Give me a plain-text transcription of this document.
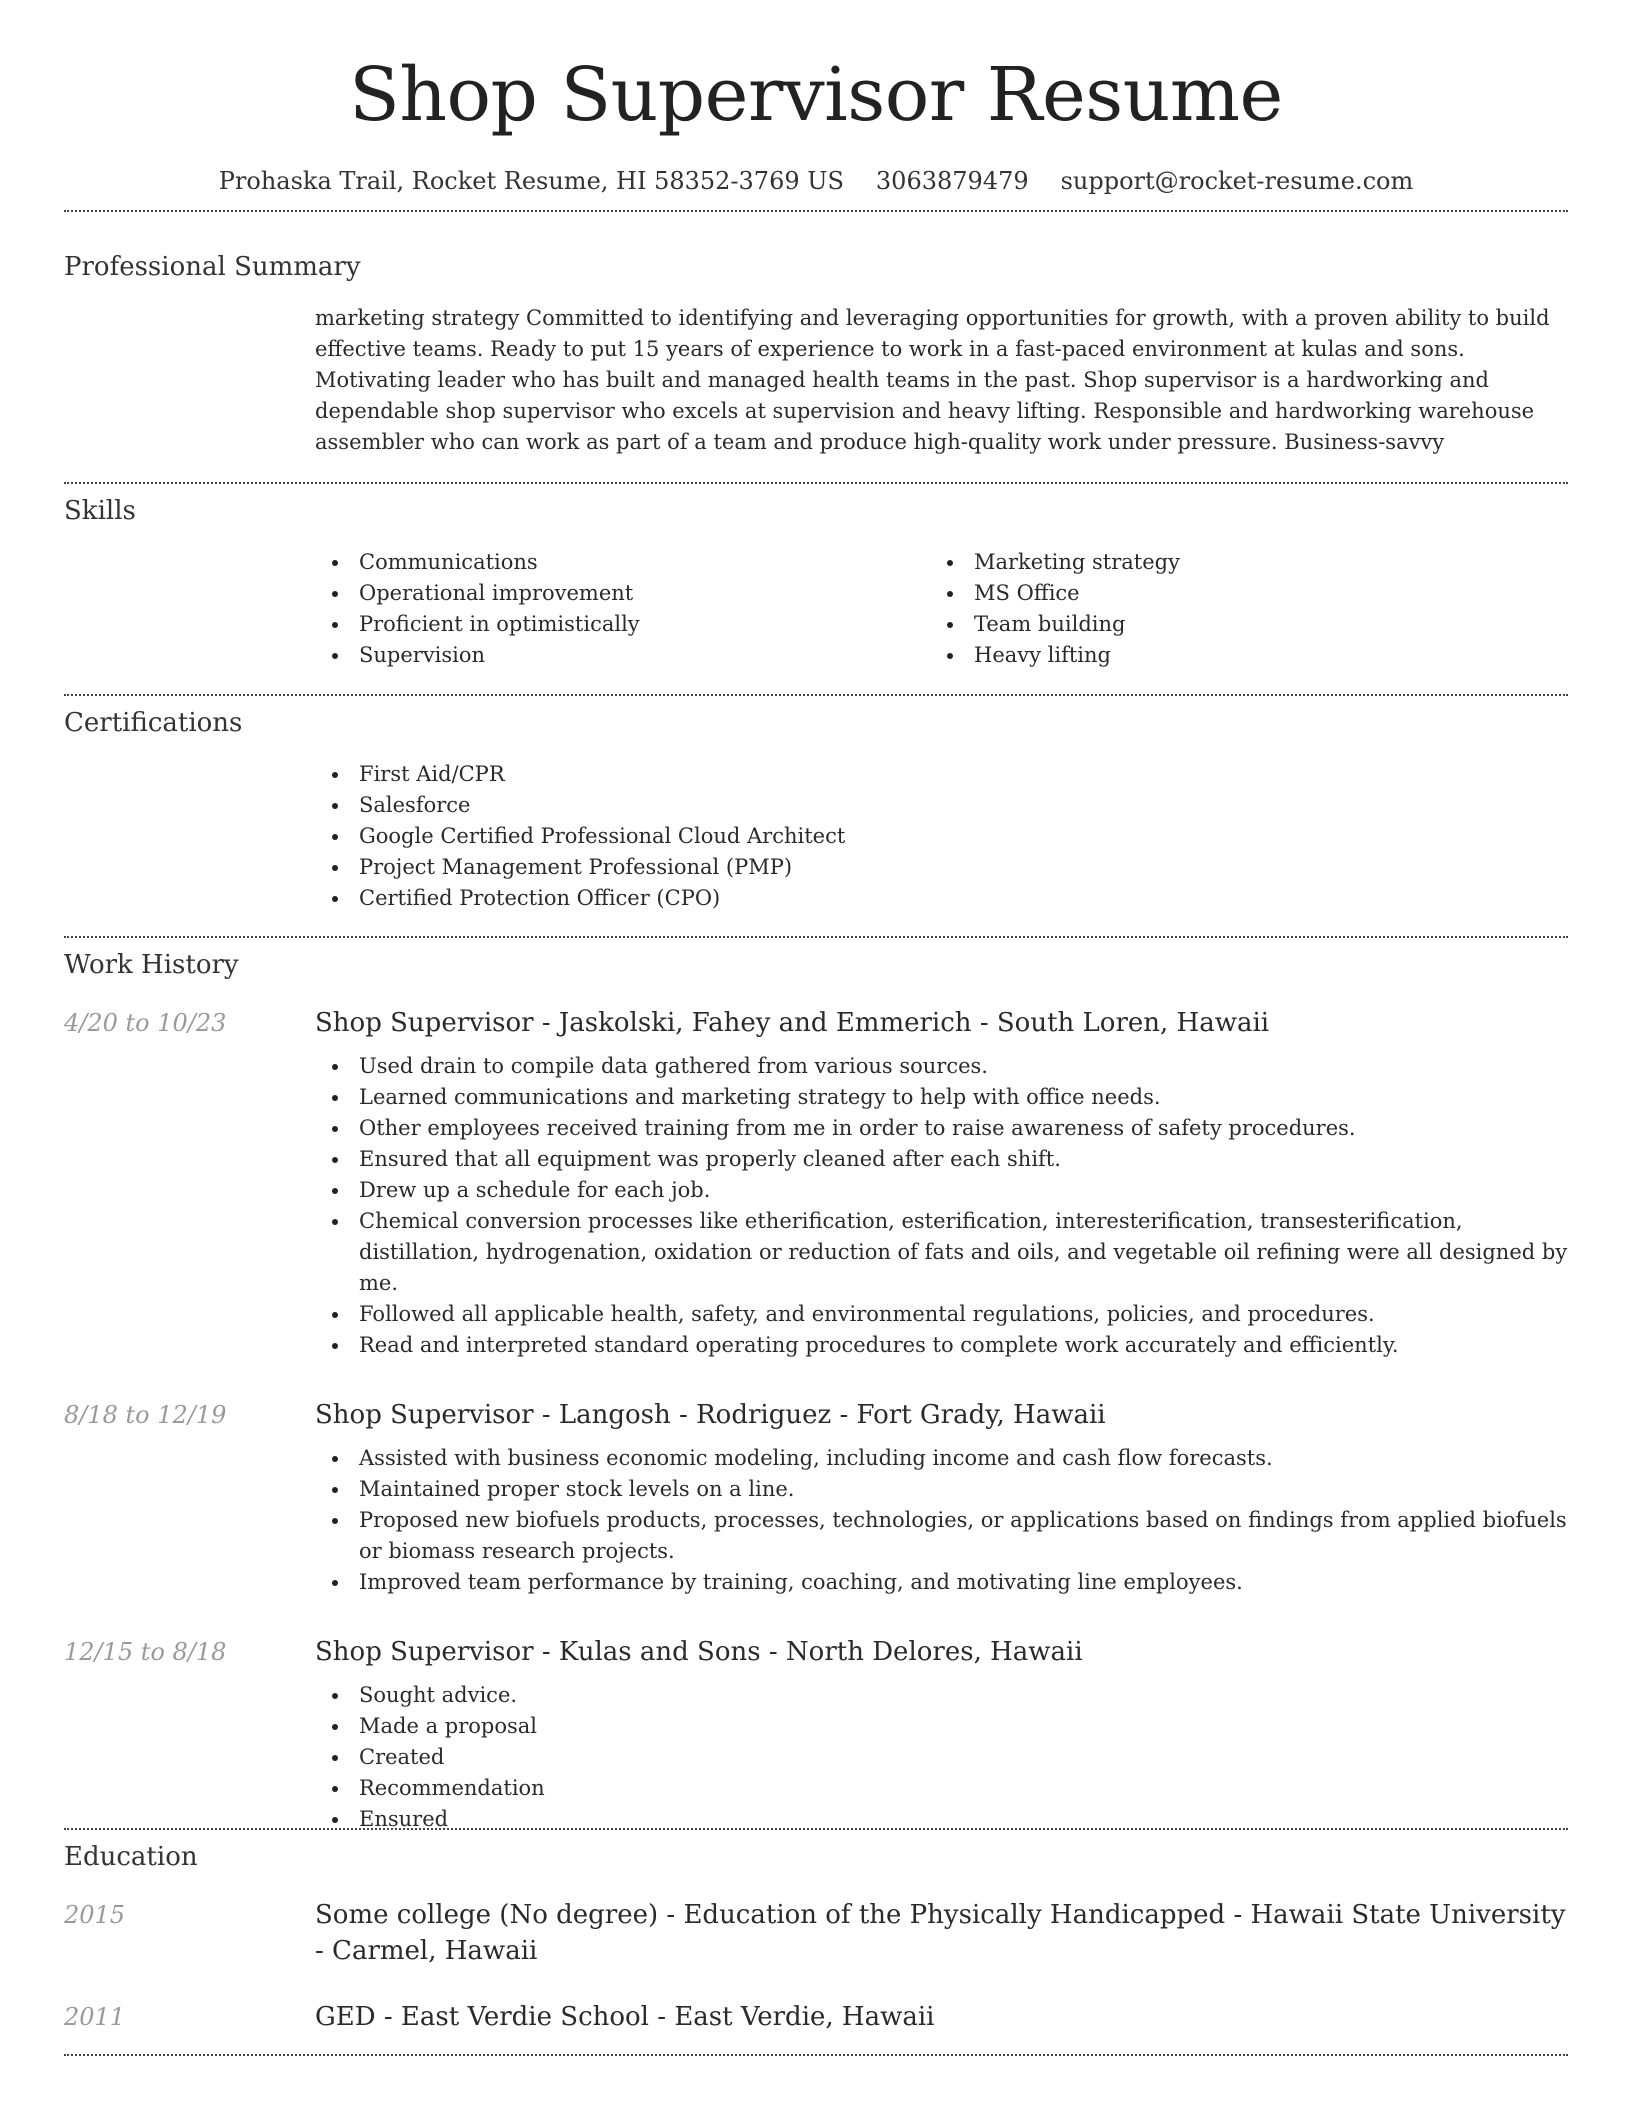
Shop Supervisor Resume
Prohaska Trail, Rocket Resume, HI 58352-3769 US 3063879479 support@rocket-resume.com
Professional Summary

marketing strategy Committed to identifying and leveraging opportunities for growth, with a proven ability to build effective teams. Ready to put 15 years of experience to work in a fast-paced environment at kulas and sons. Motivating leader who has built and managed health teams in the past. Shop supervisor is a hardworking and dependable shop supervisor who excels at supervision and heavy lifting. Responsible and hardworking warehouse assembler who can work as part of a team and produce high-quality work under pressure. Business-savvy

Skills
Communications
Operational improvement
Proficient in optimistically
Supervision
Marketing strategy
MS Office
Team building
Heavy lifting
Certifications
First Aid/CPR
Salesforce
Google Certified Professional Cloud Architect
Project Management Professional (PMP)
Certified Protection Officer (CPO)
Work History
4/20 to 10/23	Shop Supervisor - Jaskolski, Fahey and Emmerich - South Loren, Hawaii
Used drain to compile data gathered from various sources.
Learned communications and marketing strategy to help with office needs.
Other employees received training from me in order to raise awareness of safety procedures.
Ensured that all equipment was properly cleaned after each shift.
Drew up a schedule for each job.
Chemical conversion processes like etherification, esterification, interesterification, transesterification, distillation, hydrogenation, oxidation or reduction of fats and oils, and vegetable oil refining were all designed by me.
Followed all applicable health, safety, and environmental regulations, policies, and procedures.
Read and interpreted standard operating procedures to complete work accurately and efficiently.
8/18 to 12/19	Shop Supervisor - Langosh - Rodriguez - Fort Grady, Hawaii
Assisted with business economic modeling, including income and cash flow forecasts.
Maintained proper stock levels on a line.
Proposed new biofuels products, processes, technologies, or applications based on findings from applied biofuels or biomass research projects.
Improved team performance by training, coaching, and motivating line employees.
12/15 to 8/18	Shop Supervisor - Kulas and Sons - North Delores, Hawaii
Sought advice.
Made a proposal
Created
Recommendation
Ensured
Education
2015	Some college (No degree) - Education of the Physically Handicapped - Hawaii State University - Carmel, Hawaii
2011	GED - East Verdie School - East Verdie, Hawaii
